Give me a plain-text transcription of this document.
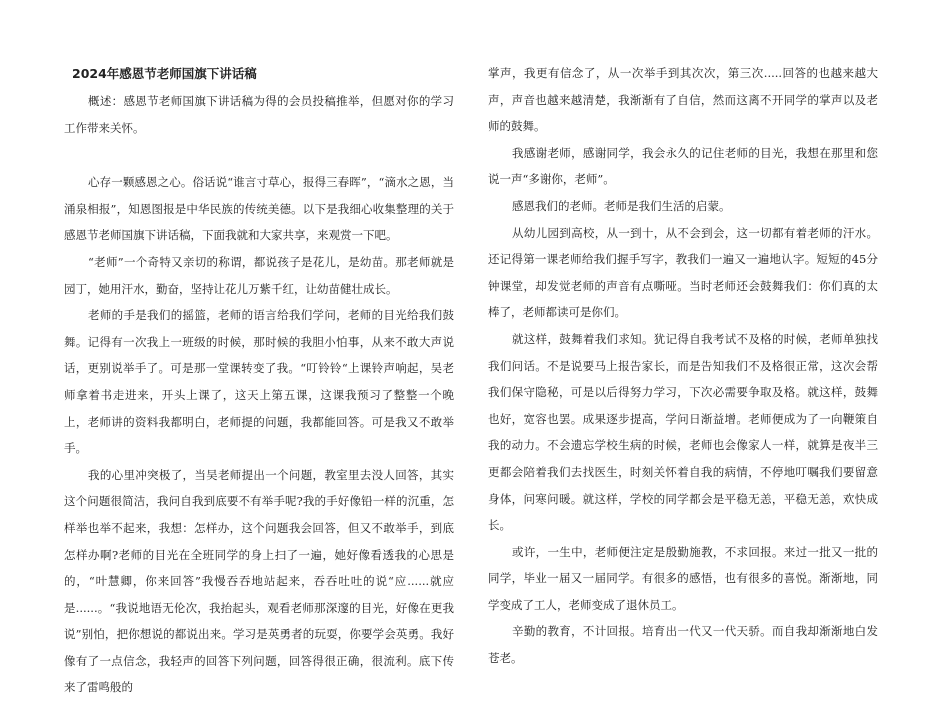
2024年感恩节老师国旗下讲话稿

概述：感恩节老师国旗下讲话稿为得的会员投稿推举，但愿对你的学习工作带来关怀。

心存一颗感恩之心。俗话说“谁言寸草心，报得三春晖”，“滴水之恩，当涌泉相报”，知恩图报是中华民族的传统美德。以下是我细心收集整理的关于感恩节老师国旗下讲话稿，下面我就和大家共享，来观赏一下吧。

“老师”一个奇特又亲切的称谓，都说孩子是花儿，是幼苗。那老师就是园丁，她用汗水，勤奋，坚持让花儿万紫千红，让幼苗健壮成长。

老师的手是我们的摇篮，老师的语言给我们学问，老师的目光给我们鼓舞。记得有一次我上一班级的时候，那时候的我胆小怕事，从来不敢大声说话，更别说举手了。可是那一堂课转变了我。“叮铃铃“上课铃声响起，吴老师拿着书走进来，开头上课了，这天上第五课，这课我预习了整整一个晚上，老师讲的资料我都明白，老师提的问题，我都能回答。可是我又不敢举手。

我的心里冲突极了，当吴老师提出一个问题，教室里去没人回答，其实这个问题很简洁，我问自我到底要不有举手呢?我的手好像铅一样的沉重，怎样举也举不起来，我想：怎样办，这个问题我会回答，但又不敢举手，到底怎样办啊?老师的目光在全班同学的身上扫了一遍，她好像看透我的心思是的，“叶慧卿，你来回答”我慢吞吞地站起来，吞吞吐吐的说“应......就应是......。“我说地语无伦次，我抬起头，观看老师那深邃的目光，好像在更我说”别怕，把你想说的都说出来。学习是英勇者的玩耍，你要学会英勇。我好像有了一点信念，我轻声的回答下列问题，回答得很正确，很流利。底下传来了雷鸣般的

掌声，我更有信念了，从一次举手到其次次，第三次.....回答的也越来越大声，声音也越来越清楚，我渐渐有了自信，然而这离不开同学的掌声以及老师的鼓舞。

我感谢老师，感谢同学，我会永久的记住老师的目光，我想在那里和您说一声“多谢你，老师”。

感恩我们的老师。老师是我们生活的启蒙。

从幼儿园到高校，从一到十，从不会到会，这一切都有着老师的汗水。还记得第一课老师给我们握手写字，教我们一遍又一遍地认字。短短的45分钟课堂，却发觉老师的声音有点嘶哑。当时老师还会鼓舞我们：你们真的太棒了，老师都读可是你们。

就这样，鼓舞着我们求知。犹记得自我考试不及格的时候，老师单独找我们问话。不是说要马上报告家长，而是告知我们不及格很正常，这次会帮我们保守隐秘，可是以后得努力学习，下次必需要争取及格。就这样，鼓舞也好，宽容也罢。成果逐步提高，学问日渐益增。老师便成为了一向鞭策自我的动力。不会遗忘学校生病的时候，老师也会像家人一样，就算是夜半三更都会陪着我们去找医生，时刻关怀着自我的病情，不停地叮嘱我们要留意身体，问寒问暖。就这样，学校的同学都会是平稳无恙，平稳无恙，欢快成长。

或许，一生中，老师便注定是殷勤施教，不求回报。来过一批又一批的同学，毕业一届又一届同学。有很多的感悟，也有很多的喜悦。渐渐地，同学变成了工人，老师变成了退休员工。

辛勤的教育，不计回报。培育出一代又一代天骄。而自我却渐渐地白发苍老。
